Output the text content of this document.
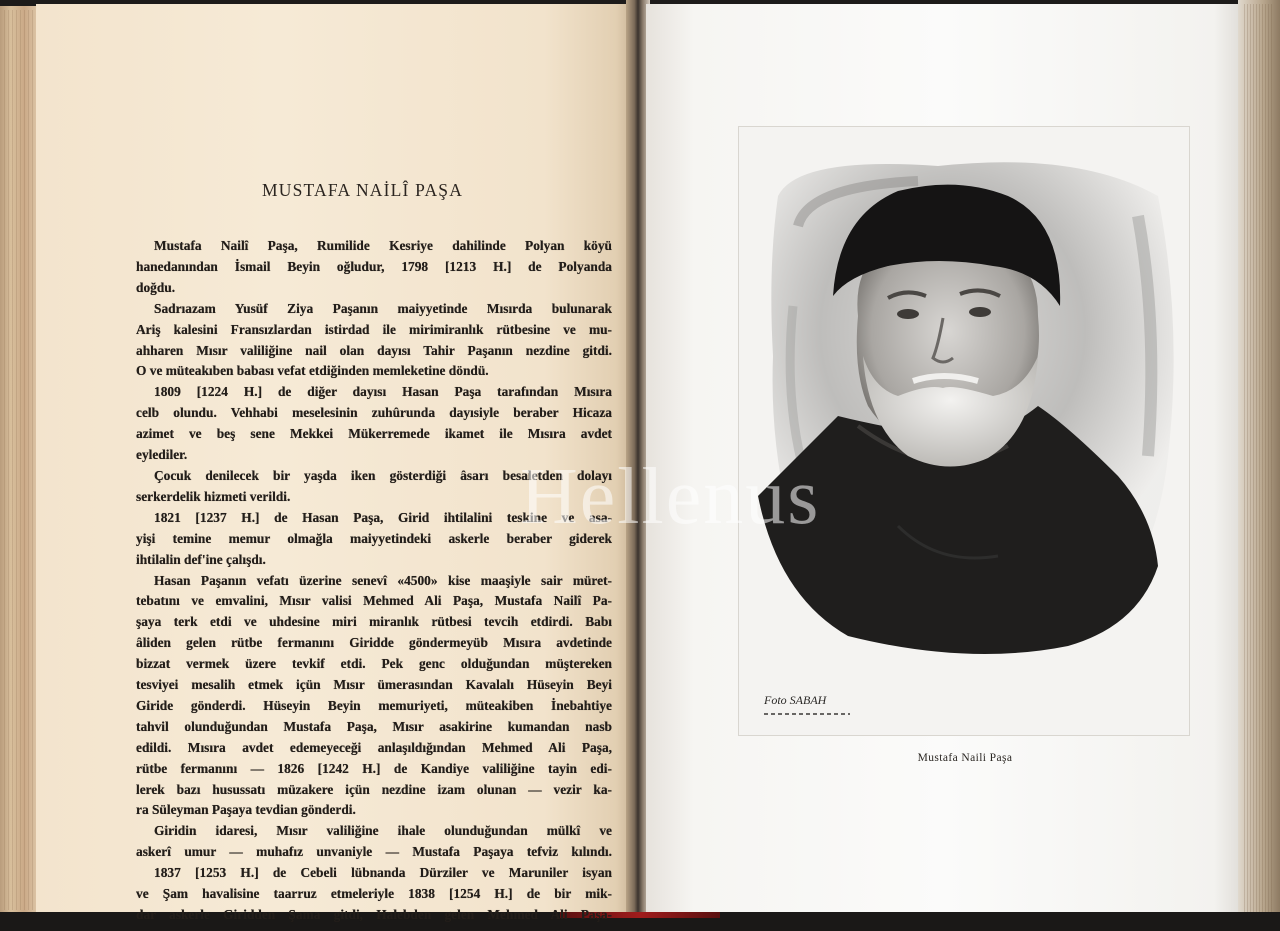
MUSTAFA NAİLÎ PAŞA
Mustafa Nailî Paşa, Rumilide Kesriye dahilinde Polyan köyü
hanedanından İsmail Beyin oğludur, 1798 [1213 H.] de Polyanda
doğdu.
Sadrıazam Yusüf Ziya Paşanın maiyyetinde Mısırda bulunarak
Ariş kalesini Fransızlardan istirdad ile mirimiranlık rütbesine ve mu-
ahharen Mısır valiliğine nail olan dayısı Tahir Paşanın nezdine gitdi.
O ve müteakıben babası vefat etdiğinden memleketine döndü.
1809 [1224 H.] de diğer dayısı Hasan Paşa tarafından Mısıra
celb olundu. Vehhabi meselesinin zuhûrunda dayısiyle beraber Hicaza
azimet ve beş sene Mekkei Mükerremede ikamet ile Mısıra avdet
eylediler.
Çocuk denilecek bir yaşda iken gösterdiği âsarı besaletden dolayı
serkerdelik hizmeti verildi.
1821 [1237 H.] de Hasan Paşa, Girid ihtilalini teskine ve asa-
yişi temine memur olmağla maiyyetindeki askerle beraber giderek
ihtilalin def'ine çalışdı.
Hasan Paşanın vefatı üzerine senevî «4500» kise maaşiyle sair müret-
tebatını ve emvalini, Mısır valisi Mehmed Ali Paşa, Mustafa Nailî Pa-
şaya terk etdi ve uhdesine miri miranlık rütbesi tevcih etdirdi. Babı
âliden gelen rütbe fermanını Giridde göndermeyüb Mısıra avdetinde
bizzat vermek üzere tevkif etdi. Pek genc olduğundan müştereken
tesviyei mesalih etmek içün Mısır ümerasından Kavalalı Hüseyin Beyi
Giride gönderdi. Hüseyin Beyin memuriyeti, müteakiben İnebahtiye
tahvil olunduğundan Mustafa Paşa, Mısır asakirine kumandan nasb
edildi. Mısıra avdet edemeyeceği anlaşıldığından Mehmed Ali Paşa,
rütbe fermanını — 1826 [1242 H.] de Kandiye valiliğine tayin edi-
lerek bazı husussatı müzakere içün nezdine izam olunan — vezir ka-
ra Süleyman Paşaya tevdian gönderdi.
Giridin idaresi, Mısır valiliğine ihale olunduğundan mülkî ve
askerî umur — muhafız unvaniyle — Mustafa Paşaya tefviz kılındı.
1837 [1253 H.] de Cebeli lübnanda Dürziler ve Maruniler isyan
ve Şam havalisine taarruz etmeleriyle 1838 [1254 H.] de bir mik-
dar askerle Giridden Şama gitdi, Halebden gelen Mehmed Ali Paşa-
Foto SABAH
Mustafa Naili Paşa
Hellenus
